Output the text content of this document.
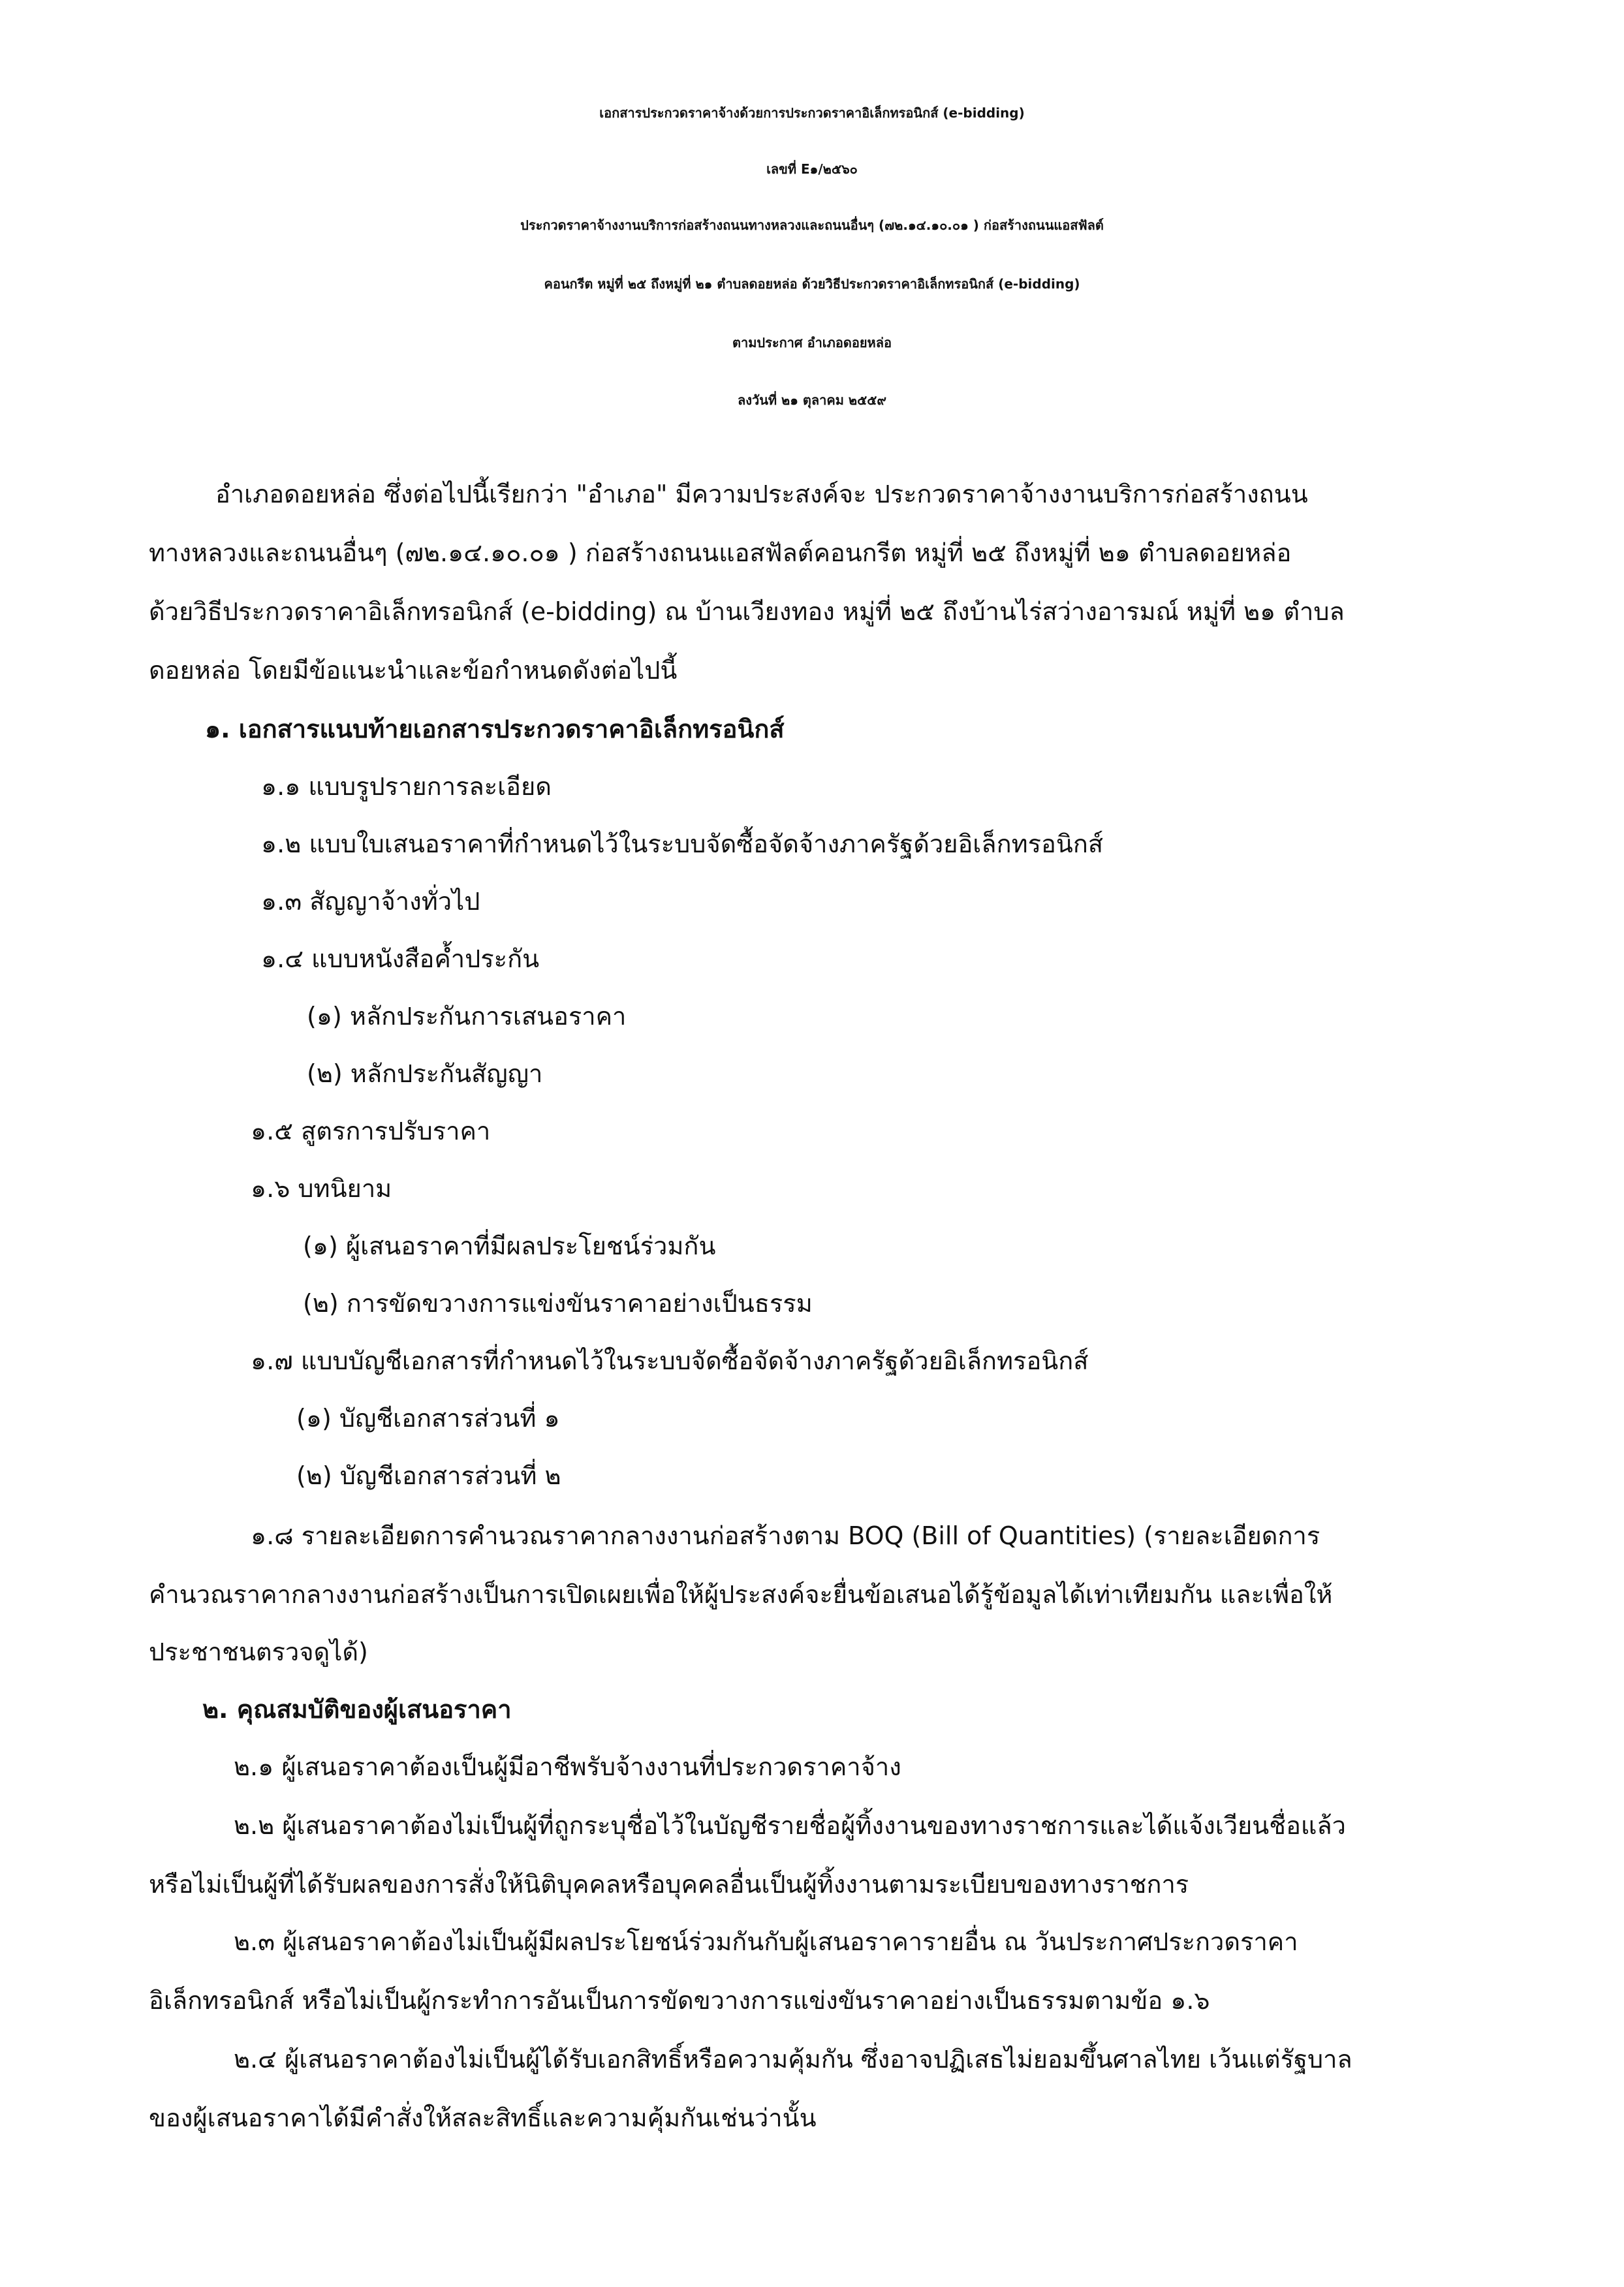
เอกสารประกวดราคาจ้างด้วยการประกวดราคาอิเล็กทรอนิกส์ (e-bidding)
เลขที่ E๑/๒๕๖๐
ประกวดราคาจ้างงานบริการก่อสร้างถนนทางหลวงและถนนอื่นๆ (๗๒.๑๔.๑๐.๐๑ ) ก่อสร้างถนนแอสฟัลต์
คอนกรีต หมู่ที่ ๒๕ ถึงหมู่ที่ ๒๑ ตำบลดอยหล่อ ด้วยวิธีประกวดราคาอิเล็กทรอนิกส์ (e-bidding)
ตามประกาศ อำเภอดอยหล่อ
ลงวันที่ ๒๑ ตุลาคม ๒๕๕๙
อำเภอดอยหล่อ ซึ่งต่อไปนี้เรียกว่า "อำเภอ" มีความประสงค์จะ ประกวดราคาจ้างงานบริการก่อสร้างถนน
ทางหลวงและถนนอื่นๆ (๗๒.๑๔.๑๐.๐๑ ) ก่อสร้างถนนแอสฟัลต์คอนกรีต หมู่ที่ ๒๕ ถึงหมู่ที่ ๒๑ ตำบลดอยหล่อ
ด้วยวิธีประกวดราคาอิเล็กทรอนิกส์ (e-bidding) ณ บ้านเวียงทอง หมู่ที่ ๒๕ ถึงบ้านไร่สว่างอารมณ์ หมู่ที่ ๒๑ ตำบล
ดอยหล่อ โดยมีข้อแนะนำและข้อกำหนดดังต่อไปนี้
๑. เอกสารแนบท้ายเอกสารประกวดราคาอิเล็กทรอนิกส์
๑.๑ แบบรูปรายการละเอียด
๑.๒ แบบใบเสนอราคาที่กำหนดไว้ในระบบจัดซื้อจัดจ้างภาครัฐด้วยอิเล็กทรอนิกส์
๑.๓ สัญญาจ้างทั่วไป
๑.๔ แบบหนังสือค้ำประกัน
(๑) หลักประกันการเสนอราคา
(๒) หลักประกันสัญญา
๑.๕ สูตรการปรับราคา
๑.๖ บทนิยาม
(๑) ผู้เสนอราคาที่มีผลประโยชน์ร่วมกัน
(๒) การขัดขวางการแข่งขันราคาอย่างเป็นธรรม
๑.๗ แบบบัญชีเอกสารที่กำหนดไว้ในระบบจัดซื้อจัดจ้างภาครัฐด้วยอิเล็กทรอนิกส์
(๑) บัญชีเอกสารส่วนที่ ๑
(๒) บัญชีเอกสารส่วนที่ ๒
๑.๘ รายละเอียดการคำนวณราคากลางงานก่อสร้างตาม BOQ (Bill of Quantities) (รายละเอียดการ
คำนวณราคากลางงานก่อสร้างเป็นการเปิดเผยเพื่อให้ผู้ประสงค์จะยื่นข้อเสนอได้รู้ข้อมูลได้เท่าเทียมกัน และเพื่อให้
ประชาชนตรวจดูได้)
๒. คุณสมบัติของผู้เสนอราคา
๒.๑ ผู้เสนอราคาต้องเป็นผู้มีอาชีพรับจ้างงานที่ประกวดราคาจ้าง
๒.๒ ผู้เสนอราคาต้องไม่เป็นผู้ที่ถูกระบุชื่อไว้ในบัญชีรายชื่อผู้ทิ้งงานของทางราชการและได้แจ้งเวียนชื่อแล้ว
หรือไม่เป็นผู้ที่ได้รับผลของการสั่งให้นิติบุคคลหรือบุคคลอื่นเป็นผู้ทิ้งงานตามระเบียบของทางราชการ
๒.๓ ผู้เสนอราคาต้องไม่เป็นผู้มีผลประโยชน์ร่วมกันกับผู้เสนอราคารายอื่น ณ วันประกาศประกวดราคา
อิเล็กทรอนิกส์ หรือไม่เป็นผู้กระทำการอันเป็นการขัดขวางการแข่งขันราคาอย่างเป็นธรรมตามข้อ ๑.๖
๒.๔ ผู้เสนอราคาต้องไม่เป็นผู้ได้รับเอกสิทธิ์หรือความคุ้มกัน ซึ่งอาจปฏิเสธไม่ยอมขึ้นศาลไทย เว้นแต่รัฐบาล
ของผู้เสนอราคาได้มีคำสั่งให้สละสิทธิ์และความคุ้มกันเช่นว่านั้น
